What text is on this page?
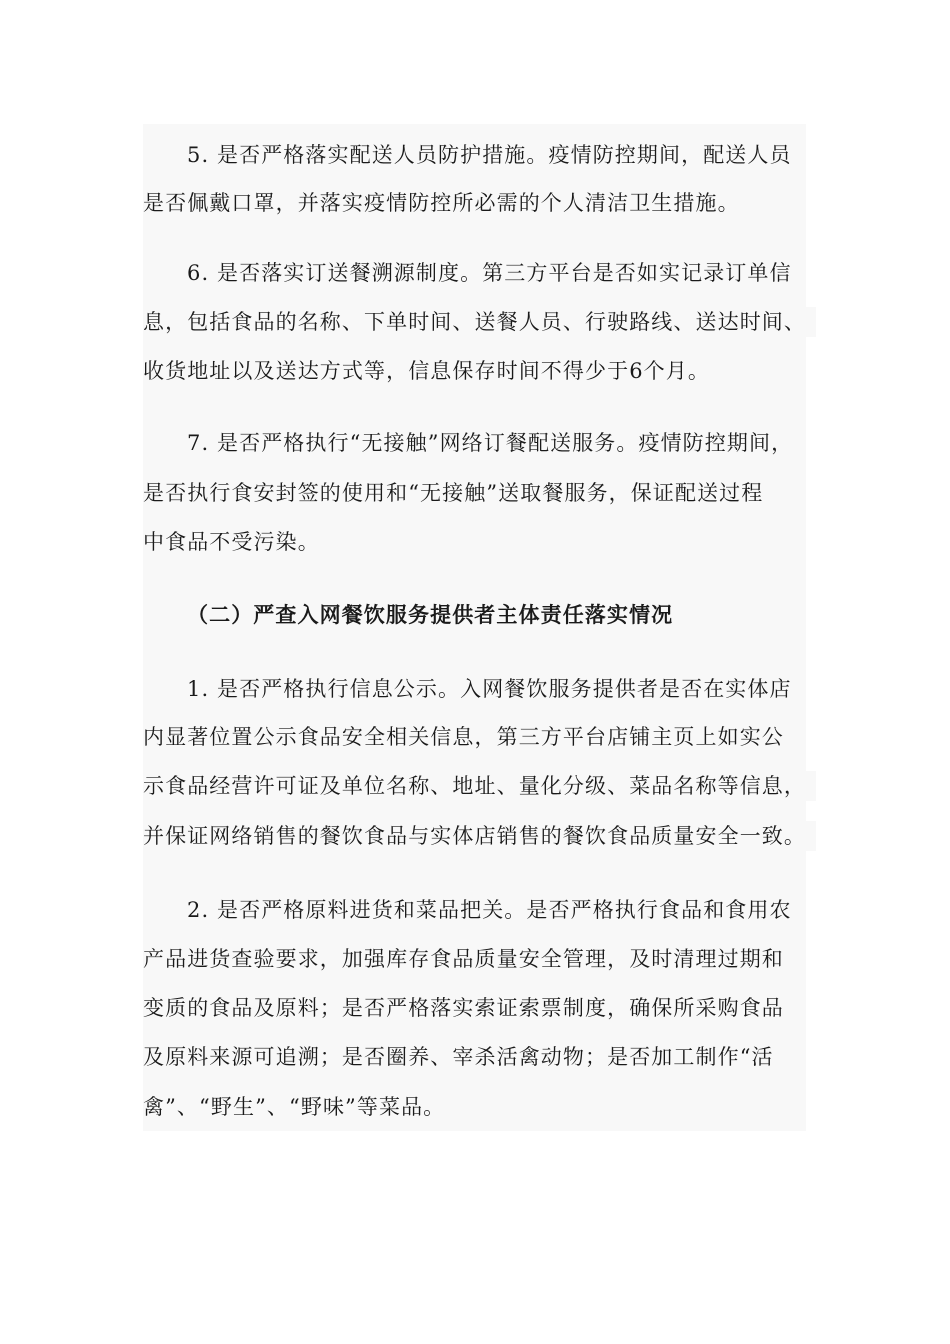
5. 是否严格落实配送人员防护措施。疫情防控期间，配送人员
是否佩戴口罩，并落实疫情防控所必需的个人清洁卫生措施。
6. 是否落实订送餐溯源制度。第三方平台是否如实记录订单信
息，包括食品的名称、下单时间、送餐人员、行驶路线、送达时间、
收货地址以及送达方式等，信息保存时间不得少于6个月。
7. 是否严格执行“无接触”网络订餐配送服务。疫情防控期间，
是否执行食安封签的使用和“无接触”送取餐服务，保证配送过程
中食品不受污染。
（二）严查入网餐饮服务提供者主体责任落实情况
1. 是否严格执行信息公示。入网餐饮服务提供者是否在实体店
内显著位置公示食品安全相关信息，第三方平台店铺主页上如实公
示食品经营许可证及单位名称、地址、量化分级、菜品名称等信息，
并保证网络销售的餐饮食品与实体店销售的餐饮食品质量安全一致。
2. 是否严格原料进货和菜品把关。是否严格执行食品和食用农
产品进货查验要求，加强库存食品质量安全管理，及时清理过期和
变质的食品及原料；是否严格落实索证索票制度，确保所采购食品
及原料来源可追溯；是否圈养、宰杀活禽动物；是否加工制作“活
禽”、“野生”、“野味”等菜品。
